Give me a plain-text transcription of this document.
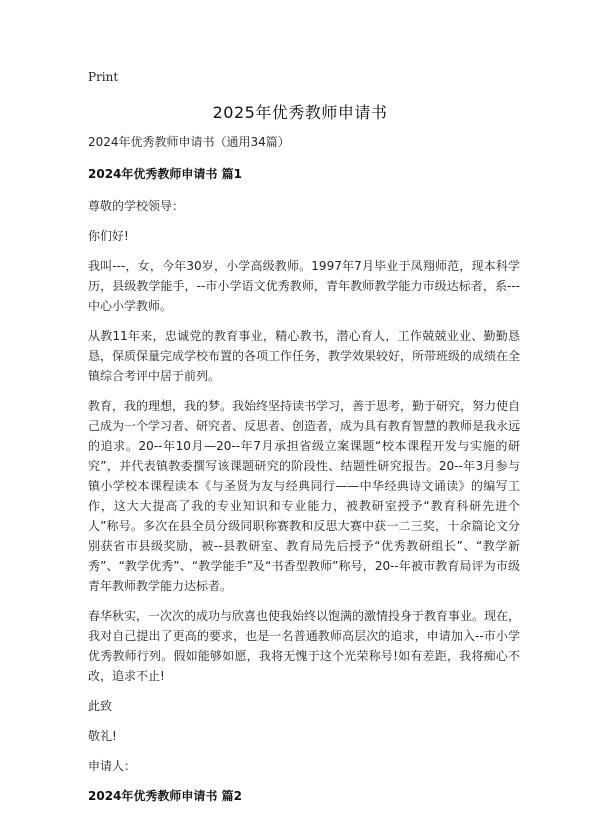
Print
2025年优秀教师申请书

2024年优秀教师申请书（通用34篇）

2024年优秀教师申请书 篇1

尊敬的学校领导：

你们好!

我叫---，女，今年30岁，小学高级教师。1997年7月毕业于凤翔师范，现本科学历，县级教学能手，--市小学语文优秀教师，青年教师教学能力市级达标者，系---中心小学教师。

从教11年来，忠诚党的教育事业，精心教书，潜心育人，工作兢兢业业、勤勤恳恳，保质保量完成学校布置的各项工作任务，教学效果较好，所带班级的成绩在全镇综合考评中居于前列。

教育，我的理想，我的梦。我始终坚持读书学习，善于思考，勤于研究，努力使自己成为一个学习者、研究者、反思者、创造者，成为具有教育智慧的教师是我永远的追求。20--年10月—20--年7月承担省级立案课题“校本课程开发与实施的研究”，并代表镇教委撰写该课题研究的阶段性、结题性研究报告。20--年3月参与镇小学校本课程读本《与圣贤为友与经典同行——中华经典诗文诵读》的编写工作，这大大提高了我的专业知识和专业能力，被教研室授予“教育科研先进个人”称号。多次在县全员分级同职称赛教和反思大赛中获一二三奖，十余篇论文分别获省市县级奖励，被--县教研室、教育局先后授予“优秀教研组长”、“教学新秀”、“教学优秀”、“教学能手”及“书香型教师”称号，20--年被市教育局评为市级青年教师教学能力达标者。

春华秋实，一次次的成功与欣喜也使我始终以饱满的激情投身于教育事业。现在，我对自己提出了更高的要求，也是一名普通教师高层次的追求，申请加入--市小学优秀教师行列。假如能够如愿，我将无愧于这个光荣称号!如有差距，我将痴心不改，追求不止!

此致

敬礼!

申请人：

2024年优秀教师申请书 篇2
